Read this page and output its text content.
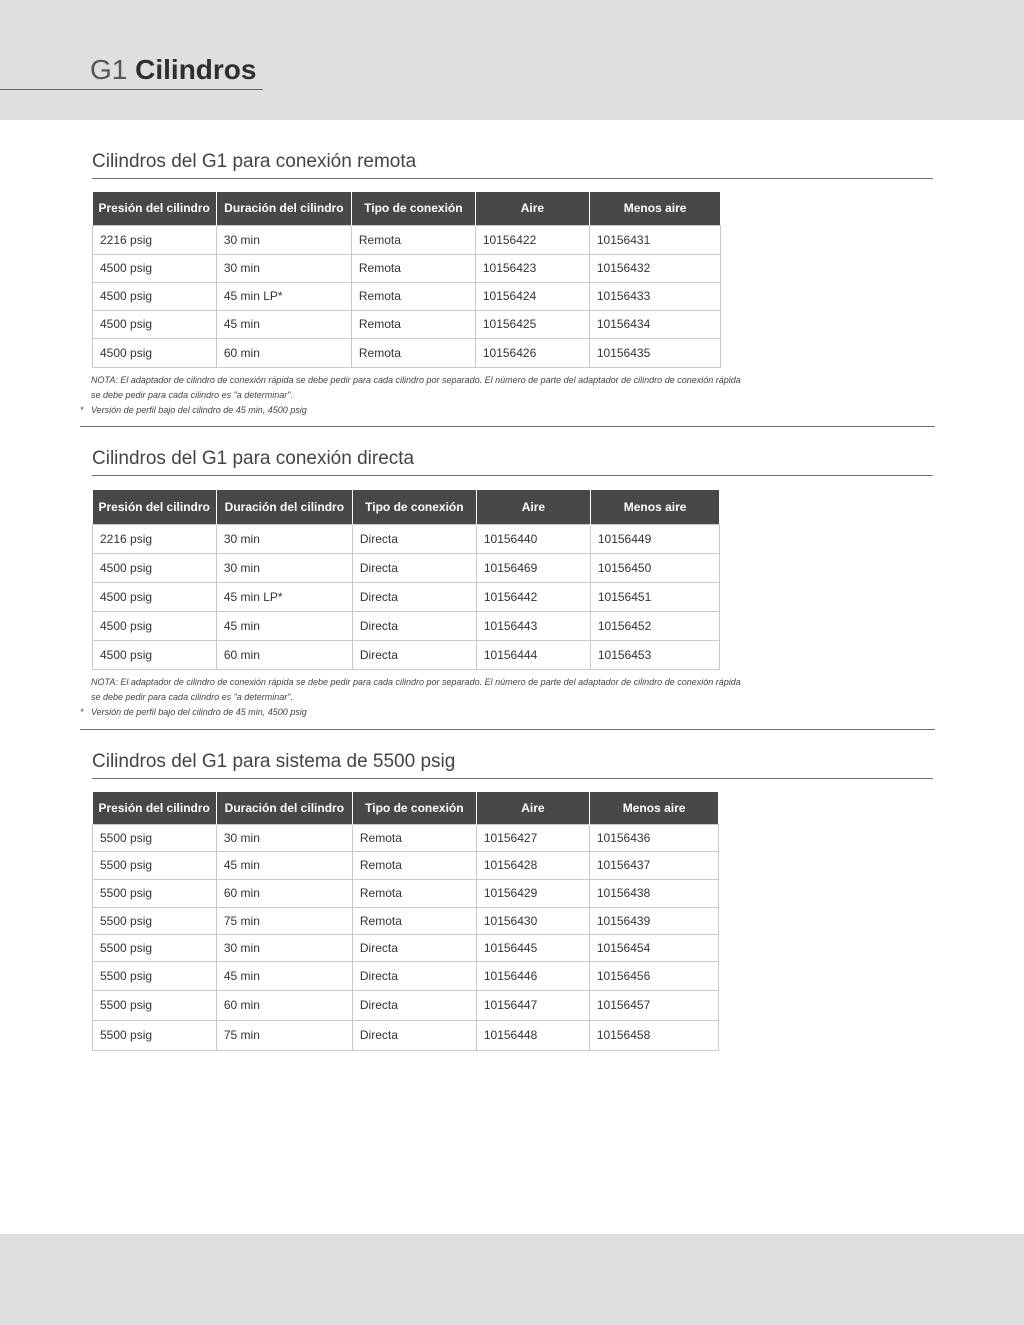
G1 Cilindros
Cilindros del G1 para conexión remota
Presión del cilindro	Duración del cilindro	Tipo de conexión	Aire	Menos aire
2216 psig	30 min	Remota	10156422	10156431
4500 psig	30 min	Remota	10156423	10156432
4500 psig	45 min LP*	Remota	10156424	10156433
4500 psig	45 min	Remota	10156425	10156434
4500 psig	60 min	Remota	10156426	10156435
NOTA: El adaptador de cilindro de conexión rápida se debe pedir para cada cilindro por separado. El número de parte del adaptador de cilindro de conexión rápida
se debe pedir para cada cilindro es "a determinar".
* Versión de perfil bajo del cilindro de 45 min, 4500 psig
Cilindros del G1 para conexión directa
Presión del cilindro	Duración del cilindro	Tipo de conexión	Aire	Menos aire
2216 psig	30 min	Directa	10156440	10156449
4500 psig	30 min	Directa	10156469	10156450
4500 psig	45 min LP*	Directa	10156442	10156451
4500 psig	45 min	Directa	10156443	10156452
4500 psig	60 min	Directa	10156444	10156453
NOTA: El adaptador de cilindro de conexión rápida se debe pedir para cada cilindro por separado. El número de parte del adaptador de cilindro de conexión rápida
se debe pedir para cada cilindro es "a determinar".
* Versión de perfil bajo del cilindro de 45 min, 4500 psig
Cilindros del G1 para sistema de 5500 psig
Presión del cilindro	Duración del cilindro	Tipo de conexión	Aire	Menos aire
5500 psig	30 min	Remota	10156427	10156436
5500 psig	45 min	Remota	10156428	10156437
5500 psig	60 min	Remota	10156429	10156438
5500 psig	75 min	Remota	10156430	10156439
5500 psig	30 min	Directa	10156445	10156454
5500 psig	45 min	Directa	10156446	10156456
5500 psig	60 min	Directa	10156447	10156457
5500 psig	75 min	Directa	10156448	10156458
